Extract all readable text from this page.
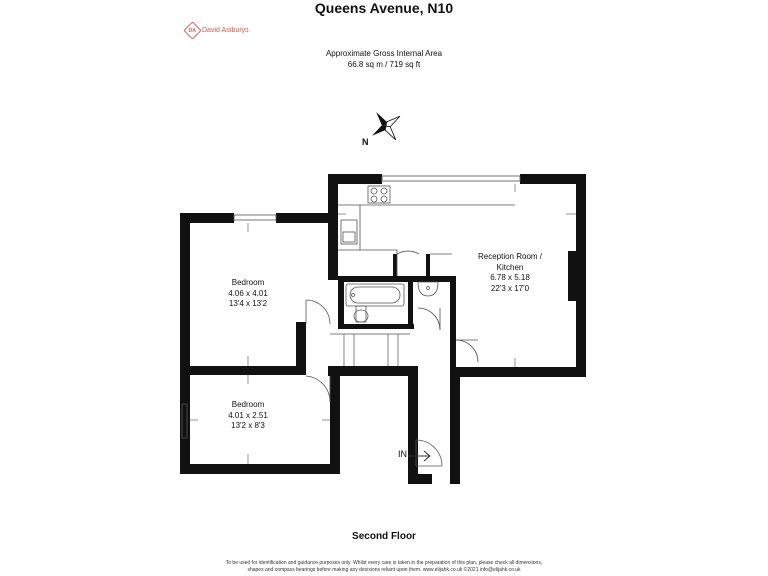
Queens Avenue, N10
DA David Astburys
Approximate Gross Internal Area
66.8 sq m / 719 sq ft
N
Reception Room /
Kitchen
6.78 x 5.18
22'3 x 17'0
Bedroom
4.06 x 4.01
13'4 x 13'2
Bedroom
4.01 x 2.51
13'2 x 8'3
IN
Second Floor
To be used for identification and guidance purposes only. Whilst every care is taken in the preparation of this plan, please check all dimensions,
shapes and compass bearings before making any decisions reliant upon them. www.elijahk.co.uk ©2021 info@elijahk.co.uk
